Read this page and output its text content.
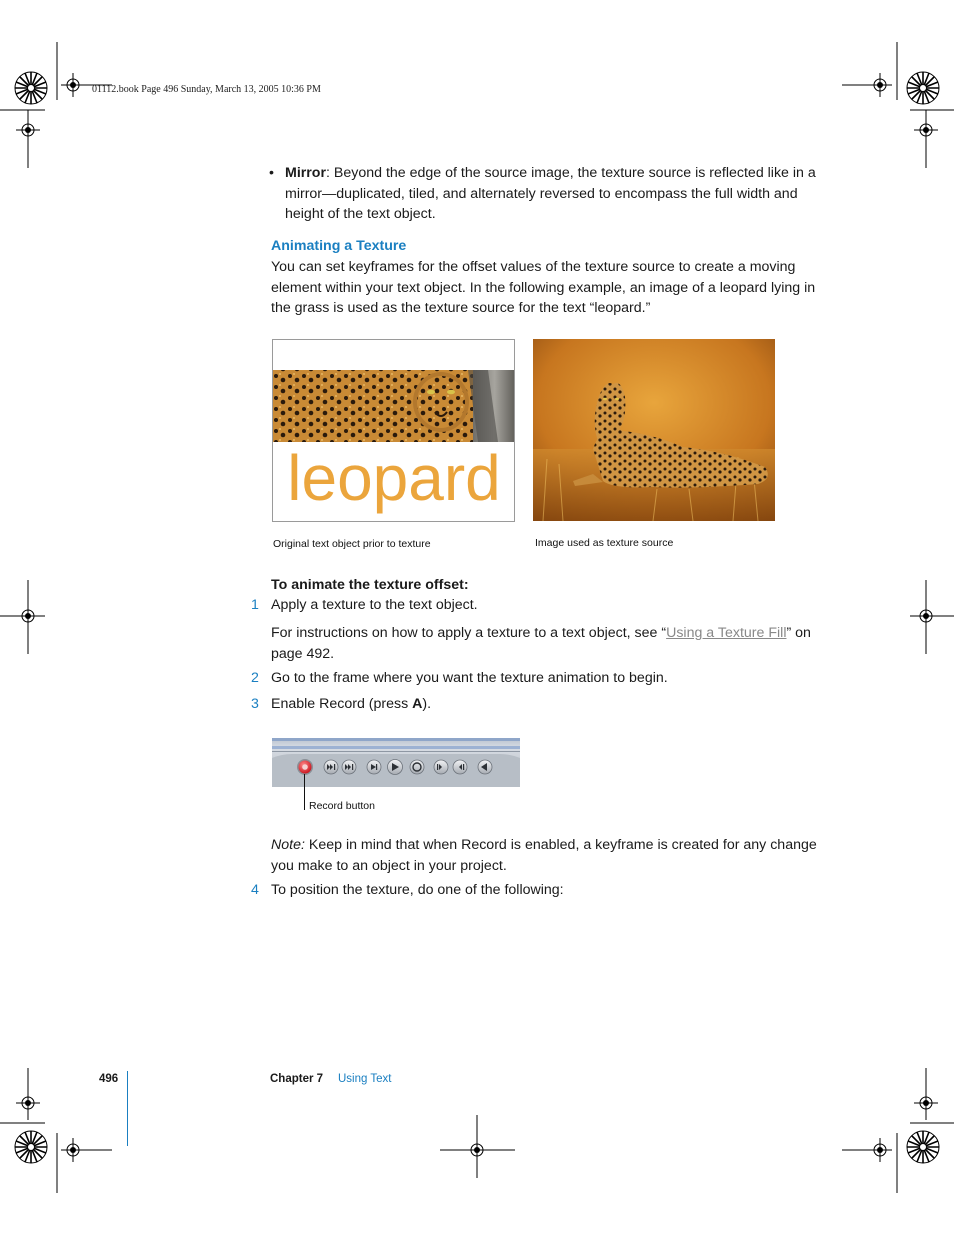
01112.book Page 496 Sunday, March 13, 2005 10:36 PM
• Mirror: Beyond the edge of the source image, the texture source is reflected like in a mirror—duplicated, tiled, and alternately reversed to encompass the full width and height of the text object.
Animating a Texture
You can set keyframes for the offset values of the texture source to create a moving element within your text object. In the following example, an image of a leopard lying in the grass is used as the texture source for the text “leopard.”
leopard
Original text object prior to texture	Image used as texture source
To animate the texture offset:
1 Apply a texture to the text object.
For instructions on how to apply a texture to a text object, see “Using a Texture Fill” on page 492.
2 Go to the frame where you want the texture animation to begin.
3 Enable Record (press A).
Record button
Note: Keep in mind that when Record is enabled, a keyframe is created for any change you make to an object in your project.
4 To position the texture, do one of the following:
496	Chapter 7 Using Text
